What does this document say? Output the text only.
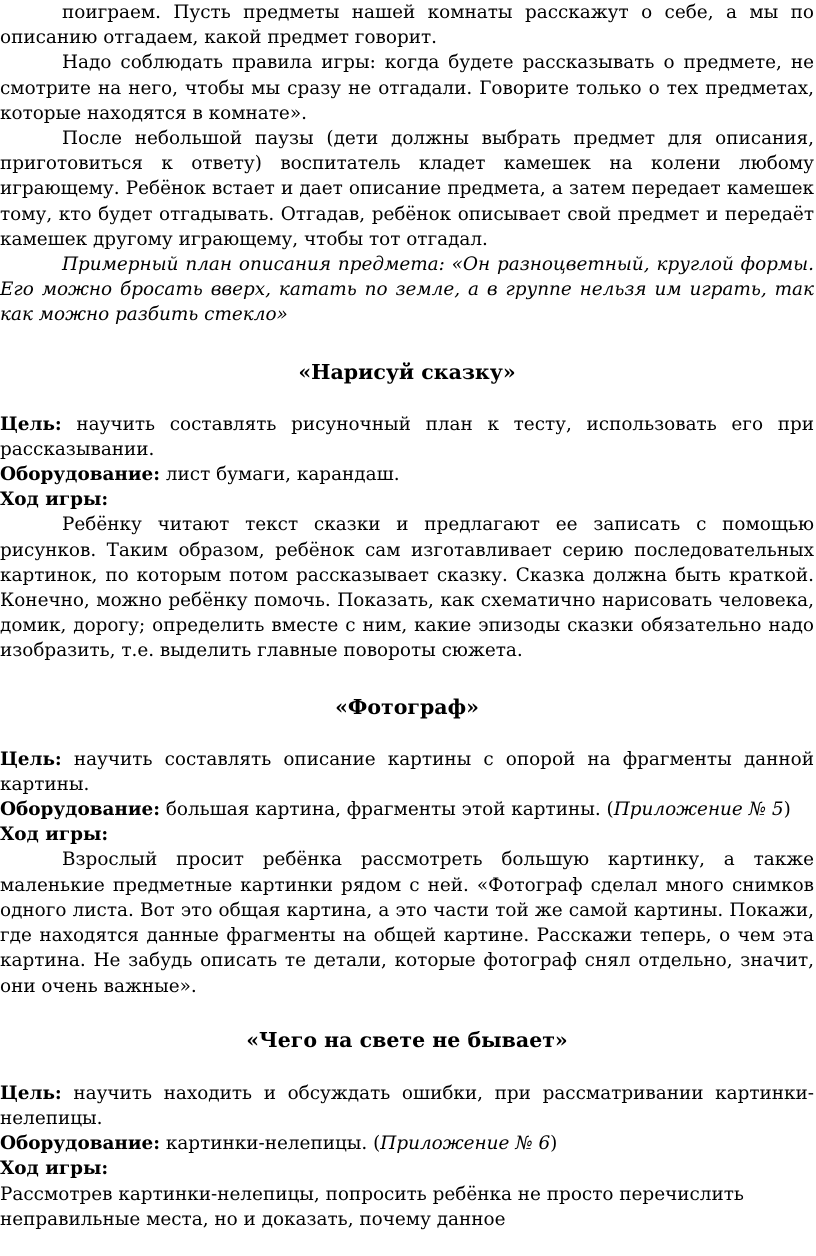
поиграем. Пусть предметы нашей комнаты расскажут о себе, а мы по описанию отгадаем, какой предмет говорит.

Надо соблюдать правила игры: когда будете рассказывать о предмете, не смотрите на него, чтобы мы сразу не отгадали. Говорите только о тех предметах, которые находятся в комнате».

После небольшой паузы (дети должны выбрать предмет для описания, приготовиться к ответу) воспитатель кладет камешек на колени любому играющему. Ребёнок встает и дает описание предмета, а затем передает камешек тому, кто будет отгадывать. Отгадав, ребёнок описывает свой предмет и передаёт камешек другому играющему, чтобы тот отгадал.

Примерный план описания предмета: «Он разноцветный, круглой формы. Его можно бросать вверх, катать по земле, а в группе нельзя им играть, так как можно разбить стекло»

«Нарисуй сказку»

Цель: научить составлять рисуночный план к тесту, использовать его при рассказывании.

Оборудование: лист бумаги, карандаш.

Ход игры:

Ребёнку читают текст сказки и предлагают ее записать с помощью рисунков. Таким образом, ребёнок сам изготавливает серию последовательных картинок, по которым потом рассказывает сказку. Сказка должна быть краткой. Конечно, можно ребёнку помочь. Показать, как схематично нарисовать человека, домик, дорогу; определить вместе с ним, какие эпизоды сказки обязательно надо изобразить, т.е. выделить главные повороты сюжета.

«Фотограф»

Цель: научить составлять описание картины с опорой на фрагменты данной картины.

Оборудование: большая картина, фрагменты этой картины. (Приложение № 5)

Ход игры:

Взрослый просит ребёнка рассмотреть большую картинку, а также маленькие предметные картинки рядом с ней. «Фотограф сделал много снимков одного листа. Вот это общая картина, а это части той же самой картины. Покажи, где находятся данные фрагменты на общей картине. Расскажи теперь, о чем эта картина. Не забудь описать те детали, которые фотограф снял отдельно, значит, они очень важные».

«Чего на свете не бывает»

Цель: научить находить и обсуждать ошибки, при рассматривании картинки-нелепицы.

Оборудование: картинки-нелепицы. (Приложение № 6)

Ход игры:

Рассмотрев картинки-нелепицы, попросить ребёнка не просто перечислить неправильные места, но и доказать, почему данное
